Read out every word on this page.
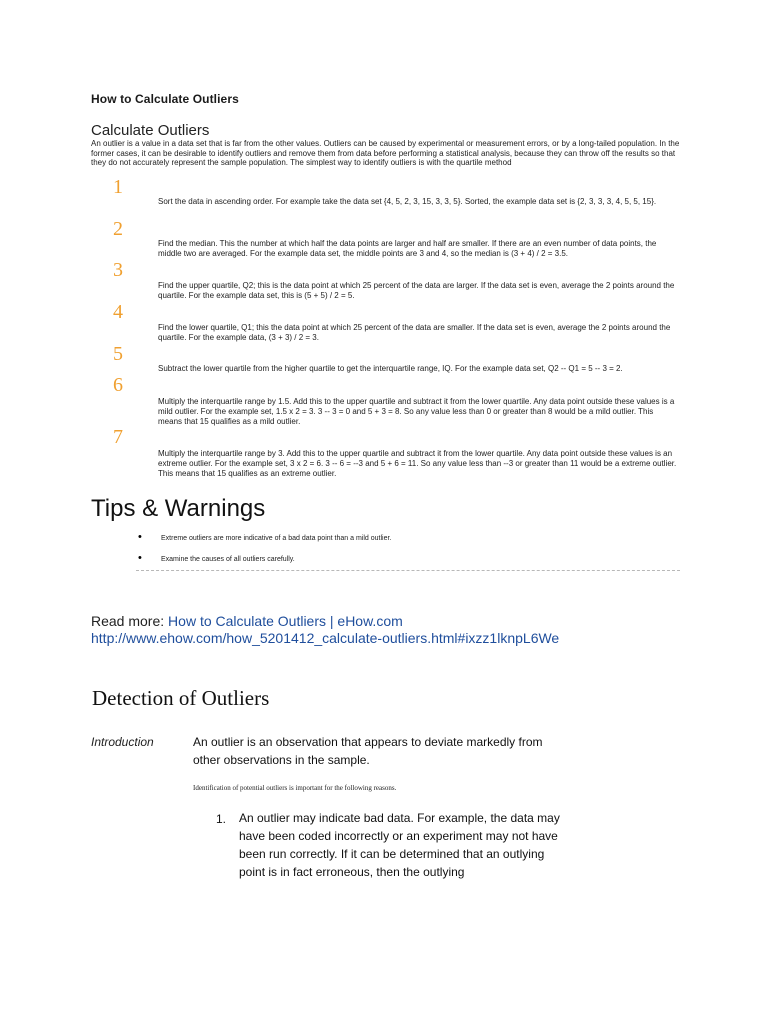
How to Calculate Outliers
Calculate Outliers
An outlier is a value in a data set that is far from the other values. Outliers can be caused by experimental or measurement errors, or by a long-tailed population. In the former cases, it can be desirable to identify outliers and remove them from data before performing a statistical analysis, because they can throw off the results so that they do not accurately represent the sample population. The simplest way to identify outliers is with the quartile method
1
Sort the data in ascending order. For example take the data set {4, 5, 2, 3, 15, 3, 3, 5}. Sorted, the example data set is {2, 3, 3, 3, 4, 5, 5, 15}.
2
Find the median. This the number at which half the data points are larger and half are smaller. If there are an even number of data points, the middle two are averaged. For the example data set, the middle points are 3 and 4, so the median is (3 + 4) / 2 = 3.5.
3
Find the upper quartile, Q2; this is the data point at which 25 percent of the data are larger. If the data set is even, average the 2 points around the quartile. For the example data set, this is (5 + 5) / 2 = 5.
4
Find the lower quartile, Q1; this the data point at which 25 percent of the data are smaller. If the data set is even, average the 2 points around the quartile. For the example data, (3 + 3) / 2 = 3.
5
Subtract the lower quartile from the higher quartile to get the interquartile range, IQ. For the example data set, Q2 -- Q1 = 5 -- 3 = 2.
6
Multiply the interquartile range by 1.5. Add this to the upper quartile and subtract it from the lower quartile. Any data point outside these values is a mild outlier. For the example set, 1.5 x 2 = 3. 3 -- 3 = 0 and 5 + 3 = 8. So any value less than 0 or greater than 8 would be a mild outlier. This means that 15 qualifies as a mild outlier.
7
Multiply the interquartile range by 3. Add this to the upper quartile and subtract it from the lower quartile. Any data point outside these values is an extreme outlier. For the example set, 3 x 2 = 6. 3 -- 6 = --3 and 5 + 6 = 11. So any value less than --3 or greater than 11 would be a extreme outlier. This means that 15 qualifies as an extreme outlier.
Tips & Warnings
•	Extreme outliers are more indicative of a bad data point than a mild outlier.
•	Examine the causes of all outliers carefully.
Read more: How to Calculate Outliers | eHow.com
http://www.ehow.com/how_5201412_calculate-outliers.html#ixzz1lknpL6We
Detection of Outliers
Introduction	An outlier is an observation that appears to deviate markedly from other observations in the sample.
Identification of potential outliers is important for the following reasons.
1. An outlier may indicate bad data. For example, the data may have been coded incorrectly or an experiment may not have been run correctly. If it can be determined that an outlying point is in fact erroneous, then the outlying
